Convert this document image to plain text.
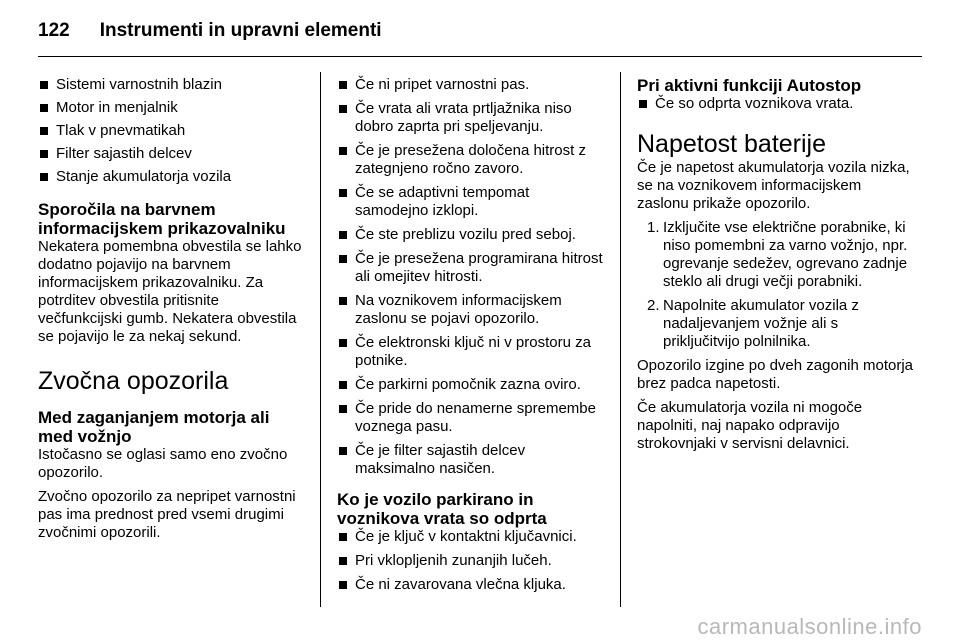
122 Instrumenti in upravni elementi
Sistemi varnostnih blazin
Motor in menjalnik
Tlak v pnevmatikah
Filter sajastih delcev
Stanje akumulatorja vozila
Sporočila na barvnem informacijskem prikazovalniku

Nekatera pomembna obvestila se lahko dodatno pojavijo na barvnem informacijskem prikazovalniku. Za potrditev obvestila pritisnite večfunkcijski gumb. Nekatera obvestila se pojavijo le za nekaj sekund.

Zvočna opozorila
Med zaganjanjem motorja ali med vožnjo

Istočasno se oglasi samo eno zvočno opozorilo.

Zvočno opozorilo za nepripet varnostni pas ima prednost pred vsemi drugimi zvočnimi opozorili.

Če ni pripet varnostni pas.
Če vrata ali vrata prtljažnika niso dobro zaprta pri speljevanju.
Če je presežena določena hitrost z zategnjeno ročno zavoro.
Če se adaptivni tempomat samodejno izklopi.
Če ste preblizu vozilu pred seboj.
Če je presežena programirana hitrost ali omejitev hitrosti.
Na voznikovem informacijskem zaslonu se pojavi opozorilo.
Če elektronski ključ ni v prostoru za potnike.
Če parkirni pomočnik zazna oviro.
Če pride do nenamerne spremembe voznega pasu.
Če je filter sajastih delcev maksimalno nasičen.
Ko je vozilo parkirano in voznikova vrata so odprta
Če je ključ v kontaktni ključavnici.
Pri vklopljenih zunanjih lučeh.
Če ni zavarovana vlečna kljuka.
Pri aktivni funkciji Autostop
Če so odprta voznikova vrata.
Napetost baterije

Če je napetost akumulatorja vozila nizka, se na voznikovem informacijskem zaslonu prikaže opozorilo.

1. Izključite vse električne porabnike, ki niso pomembni za varno vožnjo, npr. ogrevanje sedežev, ogrevano zadnje steklo ali drugi večji porabniki.
2. Napolnite akumulator vozila z nadaljevanjem vožnje ali s priključitvijo polnilnika.

Opozorilo izgine po dveh zagonih motorja brez padca napetosti.

Če akumulatorja vozila ni mogoče napolniti, naj napako odpravijo strokovnjaki v servisni delavnici.

carmanualsonline.info
